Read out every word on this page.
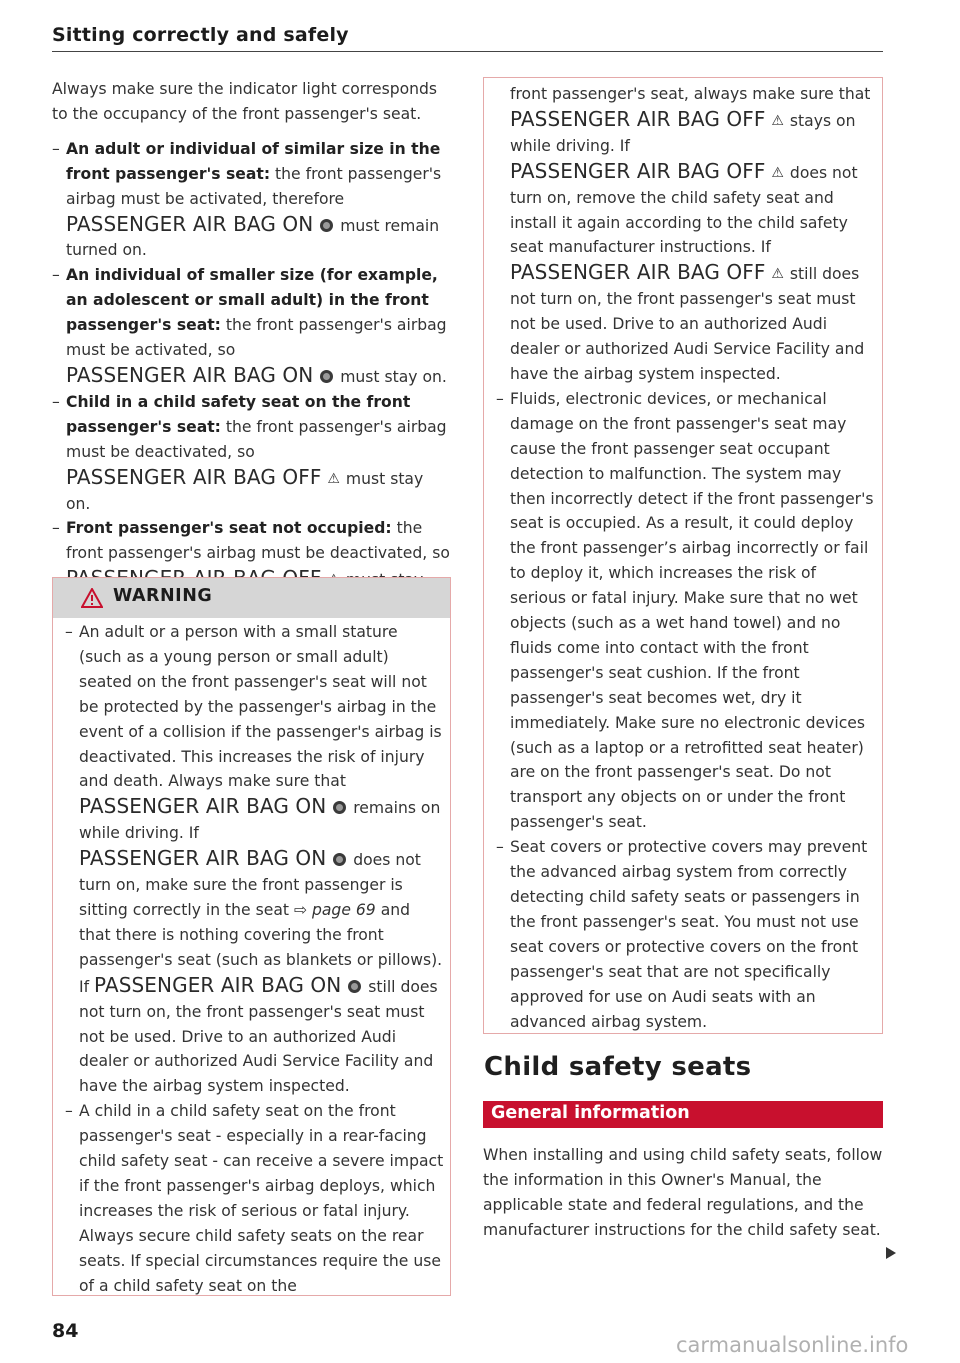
Sitting correctly and safely

Always make sure the indicator light corresponds to the occupancy of the front passenger's seat.

– An adult or individual of similar size in the front passenger's seat: the front passenger's airbag must be activated, therefore
PASSENGER AIR BAG ON  must remain turned on.

– An individual of smaller size (for example, an adolescent or small adult) in the front passenger's seat: the front passenger's airbag must be activated, so
PASSENGER AIR BAG ON  must stay on.

– Child in a child safety seat on the front passenger's seat: the front passenger's airbag must be deactivated, so
PASSENGER AIR BAG OFF ⚠︎ must stay on.

– Front passenger's seat not occupied: the front passenger's airbag must be deactivated, so

WARNING

– An adult or a person with a small stature (such as a young person or small adult) seated on the front passenger's seat will not be protected by the passenger's airbag in the event of a collision if the passenger's airbag is deactivated. This increases the risk of injury and death. Always make sure that
PASSENGER AIR BAG ON  remains on while driving. If
PASSENGER AIR BAG ON  does not turn on, make sure the front passenger is sitting correctly in the seat ⇨ page 69 and that there is nothing covering the front passenger's seat (such as blankets or pillows). If PASSENGER AIR BAG ON  still does not turn on, the front passenger's seat must not be used. Drive to an authorized Audi dealer or authorized Audi Service Facility and have the airbag system inspected.

– A child in a child safety seat on the front passenger's seat - especially in a rear-facing child safety seat - can receive a severe impact if the front passenger's airbag deploys, which increases the risk of serious or fatal injury. Always secure child safety seats on the rear seats. If special circumstances require the use of a child safety seat on the

front passenger's seat, always make sure that PASSENGER AIR BAG OFF ⚠︎ stays on while driving. If
PASSENGER AIR BAG OFF ⚠︎ does not turn on, remove the child safety seat and install it again according to the child safety seat manufacturer instructions. If
PASSENGER AIR BAG OFF ⚠︎ still does not turn on, the front passenger's seat must not be used. Drive to an authorized Audi dealer or authorized Audi Service Facility and have the airbag system inspected.

– Fluids, electronic devices, or mechanical damage on the front passenger's seat may cause the front passenger seat occupant detection to malfunction. The system may then incorrectly detect if the front passenger's seat is occupied. As a result, it could deploy the front passenger’s airbag incorrectly or fail to deploy it, which increases the risk of serious or fatal injury. Make sure that no wet objects (such as a wet hand towel) and no fluids come into contact with the front passenger's seat cushion. If the front passenger's seat becomes wet, dry it immediately. Make sure no electronic devices (such as a laptop or a retrofitted seat heater) are on the front passenger's seat. Do not transport any objects on or under the front passenger's seat.

– Seat covers or protective covers may prevent the advanced airbag system from correctly detecting child safety seats or passengers in the front passenger's seat. You must not use seat covers or protective covers on the front passenger's seat that are not specifically approved for use on Audi seats with an advanced airbag system.

Child safety seats
General information

When installing and using child safety seats, follow the information in this Owner's Manual, the applicable state and federal regulations, and the manufacturer instructions for the child safety seat.

84
carmanualsonline.info
